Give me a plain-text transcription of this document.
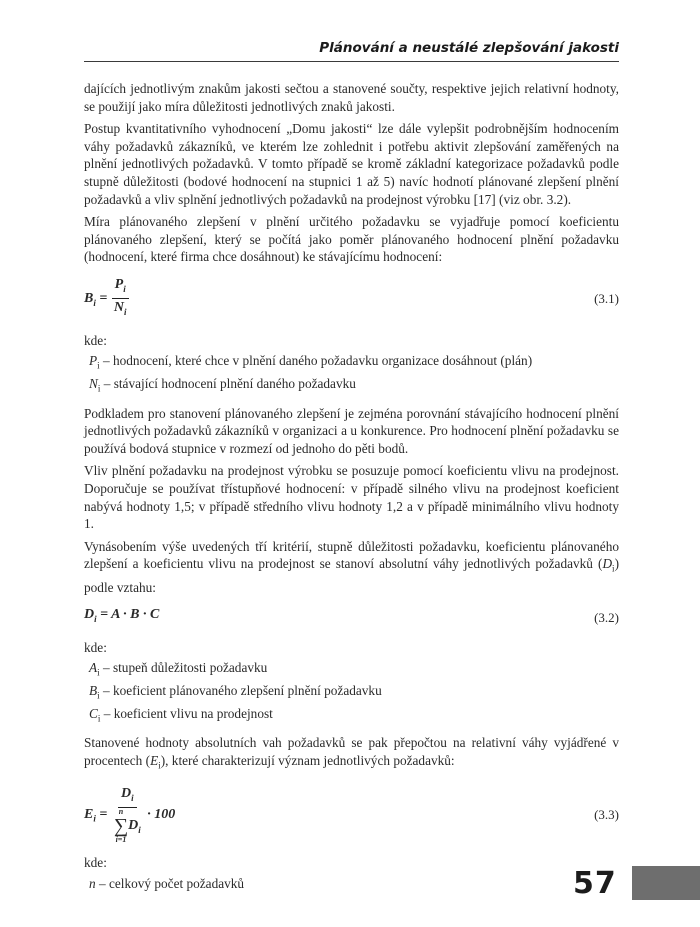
Plánování a neustálé zlepšování jakosti

dajících jednotlivým znakům jakosti sečtou a stanovené součty, respektive jejich relativní hodnoty, se použijí jako míra důležitosti jednotlivých znaků jakosti.

Postup kvantitativního vyhodnocení „Domu jakosti“ lze dále vylepšit podrobnějším hodnocením váhy požadavků zákazníků, ve kterém lze zohlednit i potřebu aktivit zlepšování zaměřených na plnění jednotlivých požadavků. V tomto případě se kromě základní kategorizace požadavků podle stupně důležitosti (bodové hodnocení na stupnici 1 až 5) navíc hodnotí plánované zlepšení plnění požadavků a vliv splnění jednotlivých požadavků na prodejnost výrobku [17] (viz obr. 3.2).

Míra plánovaného zlepšení v plnění určitého požadavku se vyjadřuje pomocí koeficientu plánovaného zlepšení, který se počítá jako poměr plánovaného hodnocení plnění požadavku (hodnocení, které firma chce dosáhnout) ke stávajícímu hodnocení:

$B_i = \frac{P_i}{N_i}$	(3.1)
kde:
$P_i$ – hodnocení, které chce v plnění daného požadavku organizace dosáhnout (plán)
$N_i$ – stávající hodnocení plnění daného požadavku

Podkladem pro stanovení plánovaného zlepšení je zejména porovnání stávajícího hodnocení plnění jednotlivých požadavků zákazníků v organizaci a u konkurence. Pro hodnocení plnění požadavku se používá bodová stupnice v rozmezí od jednoho do pěti bodů.

Vliv plnění požadavku na prodejnost výrobku se posuzuje pomocí koeficientu vlivu na prodejnost. Doporučuje se používat třístupňové hodnocení: v případě silného vlivu na prodejnost koeficient nabývá hodnoty 1,5; v případě středního vlivu hodnoty 1,2 a v případě minimálního vlivu hodnoty 1.

Vynásobením výše uvedených tří kritérií, stupně důležitosti požadavku, koeficientu plánovaného zlepšení a koeficientu vlivu na prodejnost se stanoví absolutní váhy jednotlivých požadavků $(D_i)$ podle vztahu:

$D_i = A \cdot B \cdot C$	(3.2)
kde:
$A_i$ – stupeň důležitosti požadavku
$B_i$ – koeficient plánovaného zlepšení plnění požadavku
$C_i$ – koeficient vlivu na prodejnost

Stanovené hodnoty absolutních vah požadavků se pak přepočtou na relativní váhy vyjádřené v procentech $(E_i)$, které charakterizují význam jednotlivých požadavků:

$E_i = D_i$
n
∑
i=1
$D_i \cdot 100$	(3.3)
kde:
n – celkový počet požadavků	57
